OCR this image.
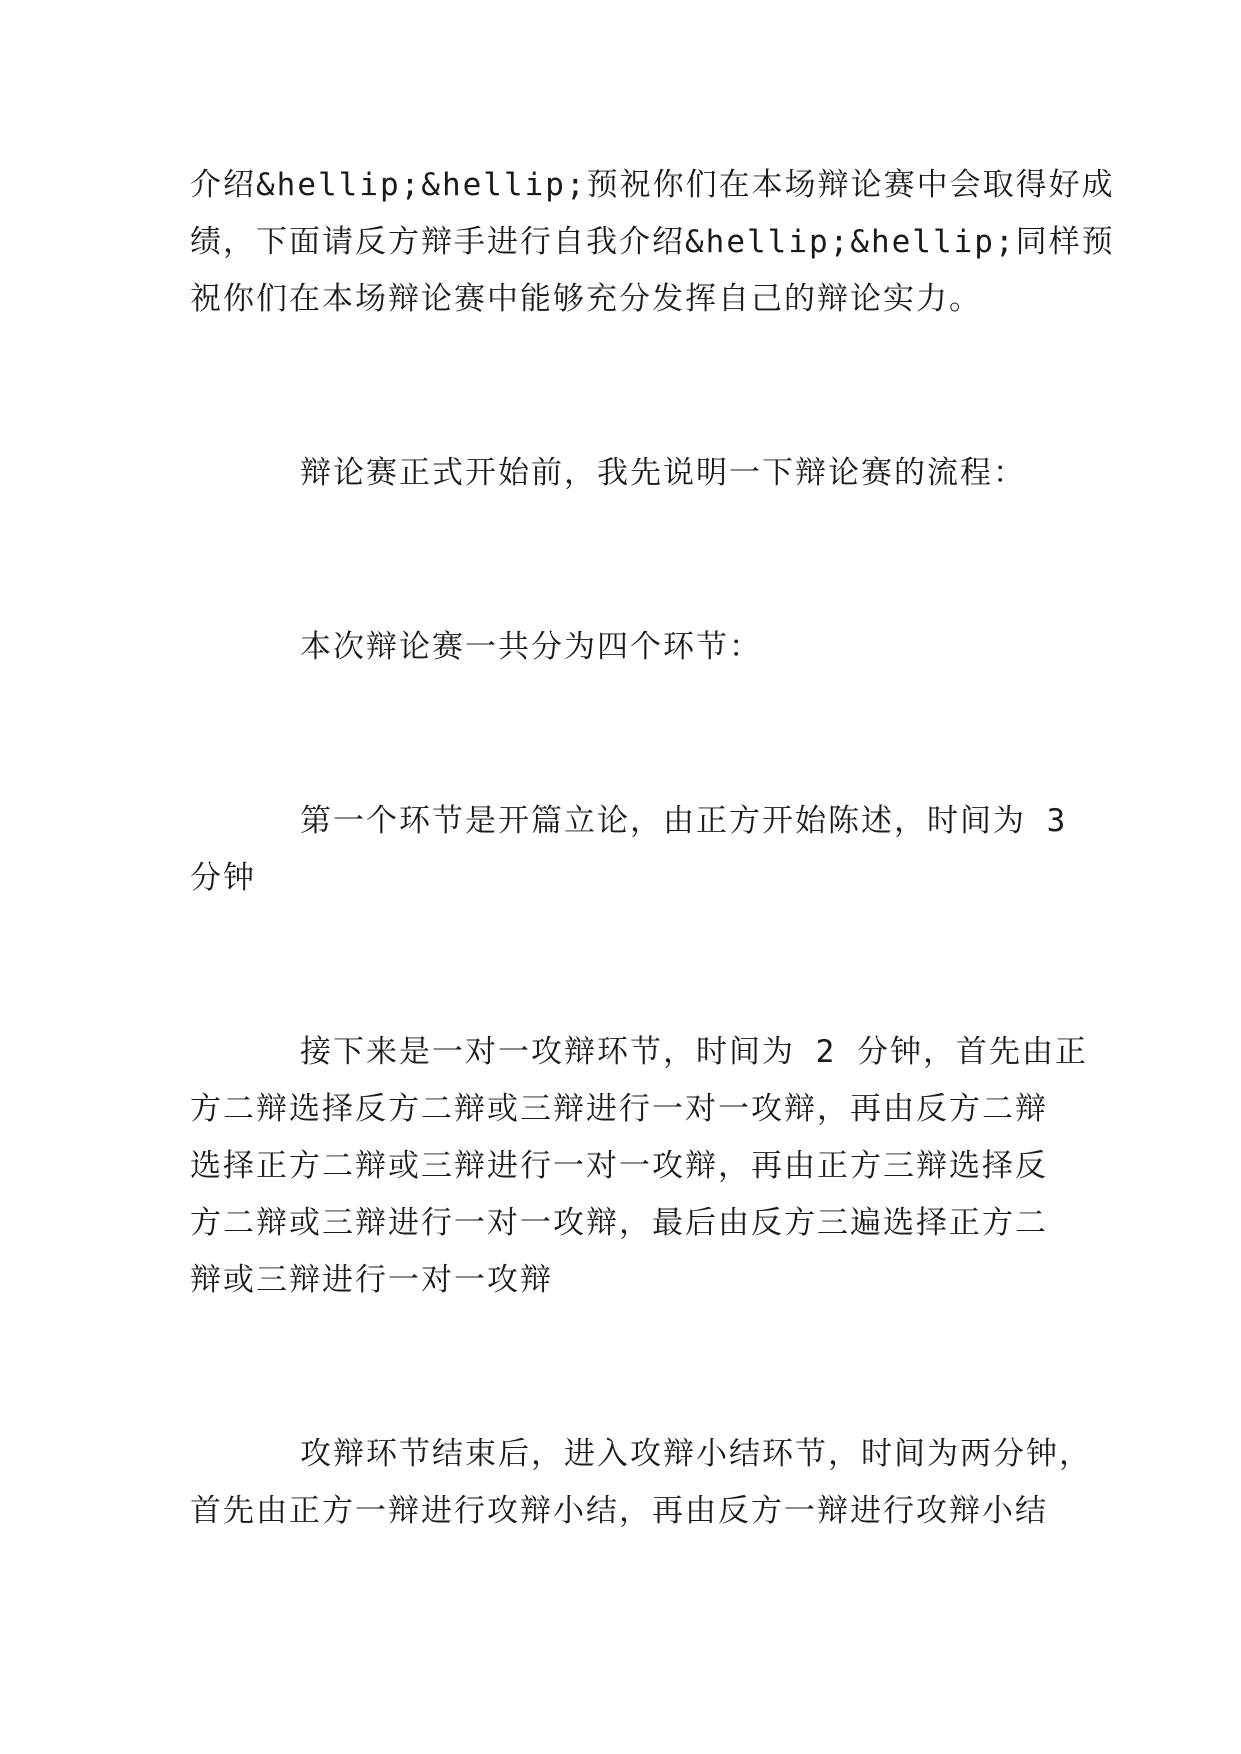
介绍&hellip;&hellip;预祝你们在本场辩论赛中会取得好成
绩，下面请反方辩手进行自我介绍&hellip;&hellip;同样预
祝你们在本场辩论赛中能够充分发挥自己的辩论实力。
辩论赛正式开始前，我先说明一下辩论赛的流程：
本次辩论赛一共分为四个环节：
第一个环节是开篇立论，由正方开始陈述，时间为 3
分钟
接下来是一对一攻辩环节，时间为 2 分钟，首先由正
方二辩选择反方二辩或三辩进行一对一攻辩，再由反方二辩
选择正方二辩或三辩进行一对一攻辩，再由正方三辩选择反
方二辩或三辩进行一对一攻辩，最后由反方三遍选择正方二
辩或三辩进行一对一攻辩
攻辩环节结束后，进入攻辩小结环节，时间为两分钟，
首先由正方一辩进行攻辩小结，再由反方一辩进行攻辩小结
